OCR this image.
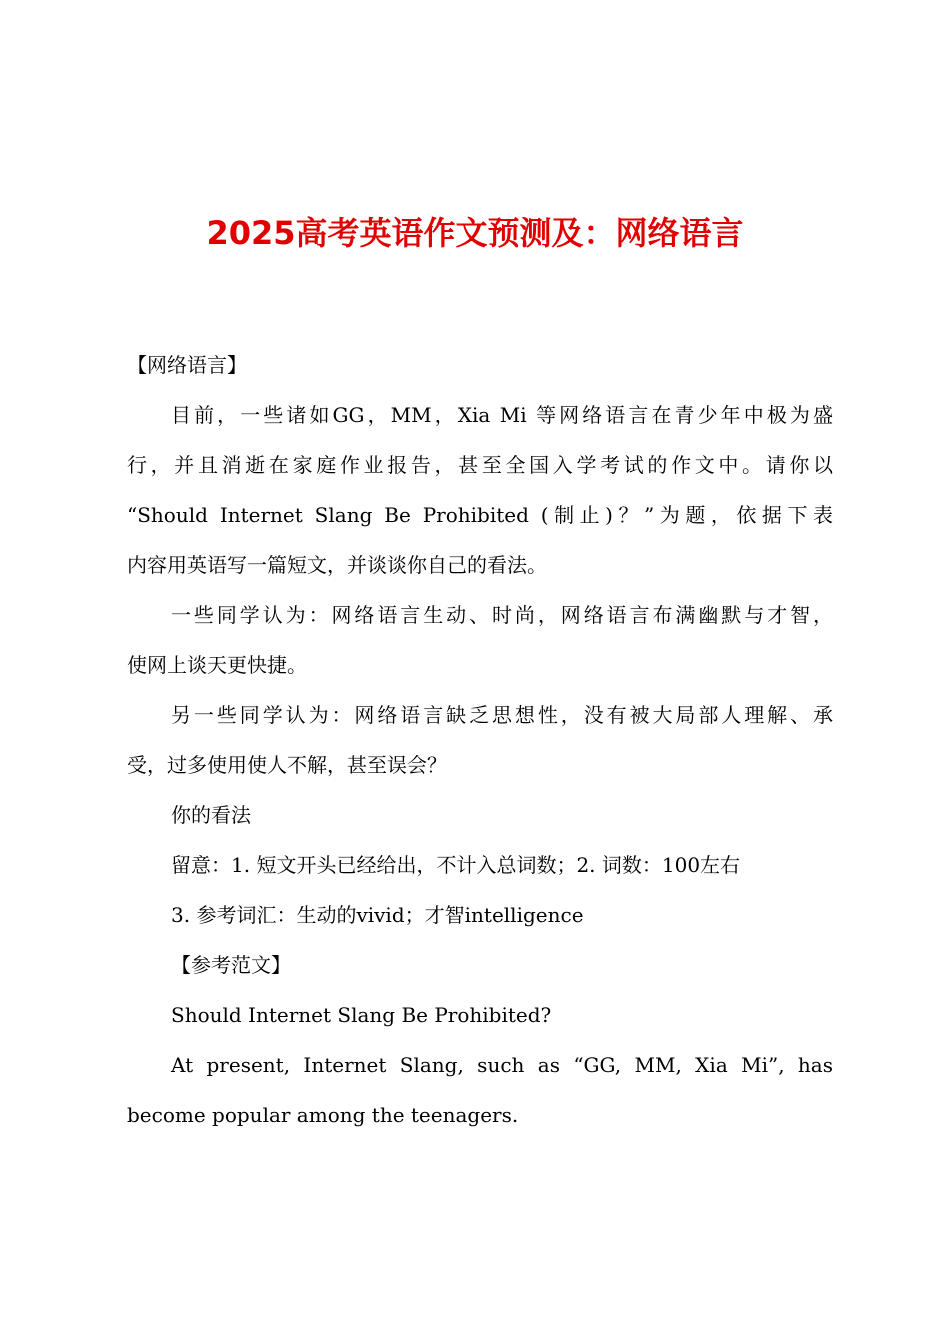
2025高考英语作文预测及：网络语言

【网络语言】

目前，一些诸如GG，MM，Xia Mi 等网络语言在青少年中极为盛

行，并且消逝在家庭作业报告，甚至全国入学考试的作文中。请你以

“Should Internet Slang Be Prohibited (制止)？”为题，依据下表

内容用英语写一篇短文，并谈谈你自己的看法。

一些同学认为：网络语言生动、时尚，网络语言布满幽默与才智，

使网上谈天更快捷。

另一些同学认为：网络语言缺乏思想性，没有被大局部人理解、承

受，过多使用使人不解，甚至误会？

你的看法

留意：1. 短文开头已经给出，不计入总词数；2. 词数：100左右

3. 参考词汇：生动的vivid；才智intelligence

【参考范文】

Should Internet Slang Be Prohibited?

At present, Internet Slang, such as “GG, MM, Xia Mi”, has

become popular among the teenagers.
